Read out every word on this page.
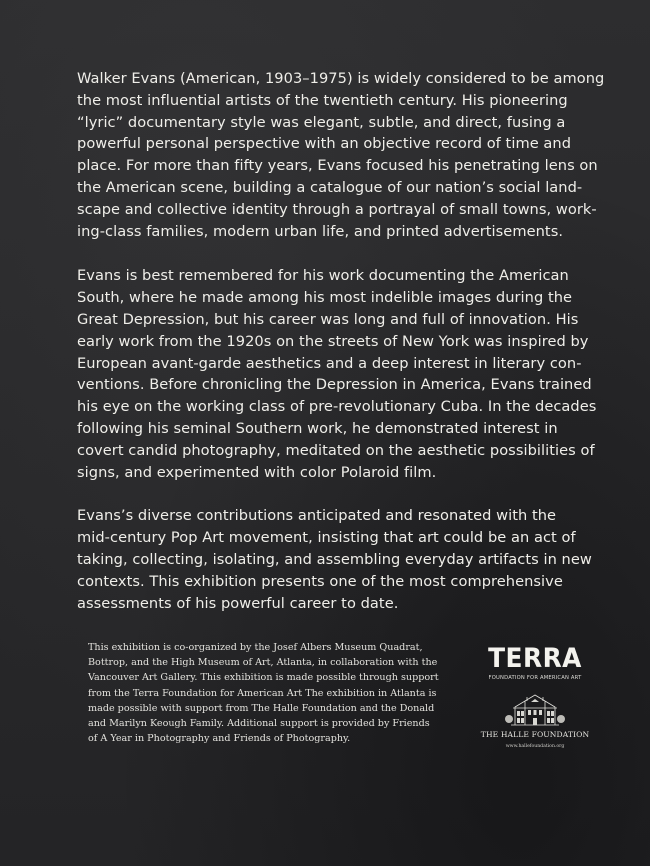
Walker Evans (American, 1903–1975) is widely considered to be among
the most influential artists of the twentieth century. His pioneering
“lyric” documentary style was elegant, subtle, and direct, fusing a
powerful personal perspective with an objective record of time and
place. For more than fifty years, Evans focused his penetrating lens on
the American scene, building a catalogue of our nation’s social land-
scape and collective identity through a portrayal of small towns, work-
ing-class families, modern urban life, and printed advertisements.

Evans is best remembered for his work documenting the American
South, where he made among his most indelible images during the
Great Depression, but his career was long and full of innovation. His
early work from the 1920s on the streets of New York was inspired by
European avant-garde aesthetics and a deep interest in literary con-
ventions. Before chronicling the Depression in America, Evans trained
his eye on the working class of pre-revolutionary Cuba. In the decades
following his seminal Southern work, he demonstrated interest in
covert candid photography, meditated on the aesthetic possibilities of
signs, and experimented with color Polaroid film.

Evans’s diverse contributions anticipated and resonated with the
mid-century Pop Art movement, insisting that art could be an act of
taking, collecting, isolating, and assembling everyday artifacts in new
contexts. This exhibition presents one of the most comprehensive
assessments of his powerful career to date.

This exhibition is co-organized by the Josef Albers Museum Quadrat,
Bottrop, and the High Museum of Art, Atlanta, in collaboration with the
Vancouver Art Gallery. This exhibition is made possible through support
from the Terra Foundation for American Art The exhibition in Atlanta is
made possible with support from The Halle Foundation and the Donald
and Marilyn Keough Family. Additional support is provided by Friends
of A Year in Photography and Friends of Photography.
TERRA
FOUNDATION FOR AMERICAN ART
THE HALLE FOUNDATION
www.hallefoundation.org
